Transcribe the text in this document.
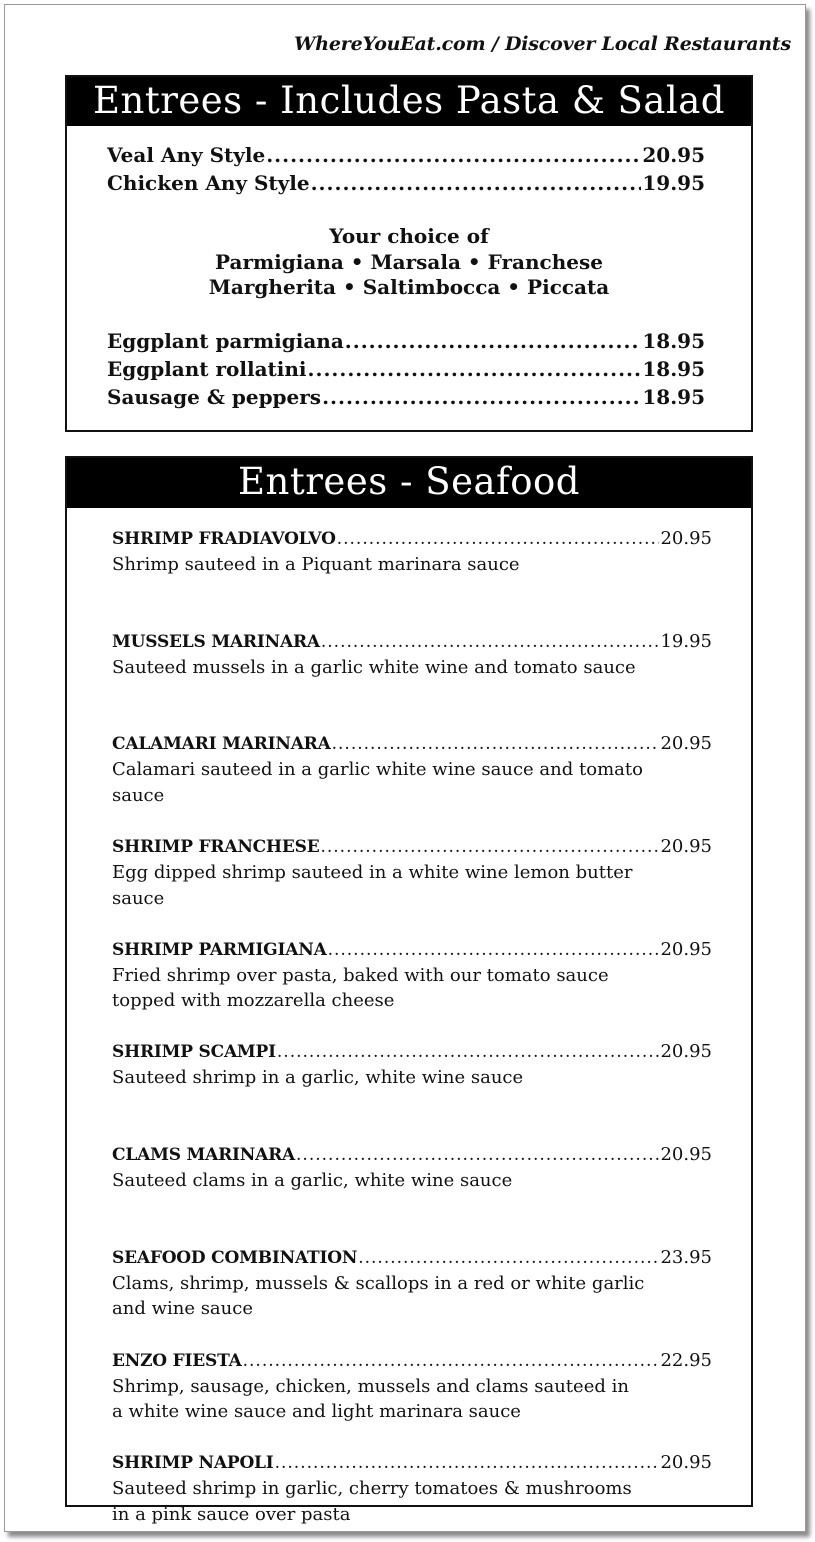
WhereYouEat.com / Discover Local Restaurants
Entrees - Includes Pasta & Salad
Veal Any Style .....	20.95
Chicken Any Style .....	19.95
Your choice of
Parmigiana • Marsala • Franchese
Margherita • Saltimbocca • Piccata
Eggplant parmigiana .....	18.95
Eggplant rollatini .....	18.95
Sausage & peppers .....	18.95
Entrees - Seafood
SHRIMP FRADIAVOLVO .....	20.95
Shrimp sauteed in a Piquant marinara sauce
MUSSELS MARINARA .....	19.95
Sauteed mussels in a garlic white wine and tomato sauce
CALAMARI MARINARA .....	20.95
Calamari sauteed in a garlic white wine sauce and tomato
sauce
SHRIMP FRANCHESE .....	20.95
Egg dipped shrimp sauteed in a white wine lemon butter
sauce
SHRIMP PARMIGIANA .....	20.95
Fried shrimp over pasta, baked with our tomato sauce
topped with mozzarella cheese
SHRIMP SCAMPI .....	20.95
Sauteed shrimp in a garlic, white wine sauce
CLAMS MARINARA .....	20.95
Sauteed clams in a garlic, white wine sauce
SEAFOOD COMBINATION .....	23.95
Clams, shrimp, mussels & scallops in a red or white garlic
and wine sauce
ENZO FIESTA .....	22.95
Shrimp, sausage, chicken, mussels and clams sauteed in
a white wine sauce and light marinara sauce
SHRIMP NAPOLI .....	20.95
Sauteed shrimp in garlic, cherry tomatoes & mushrooms
in a pink sauce over pasta
